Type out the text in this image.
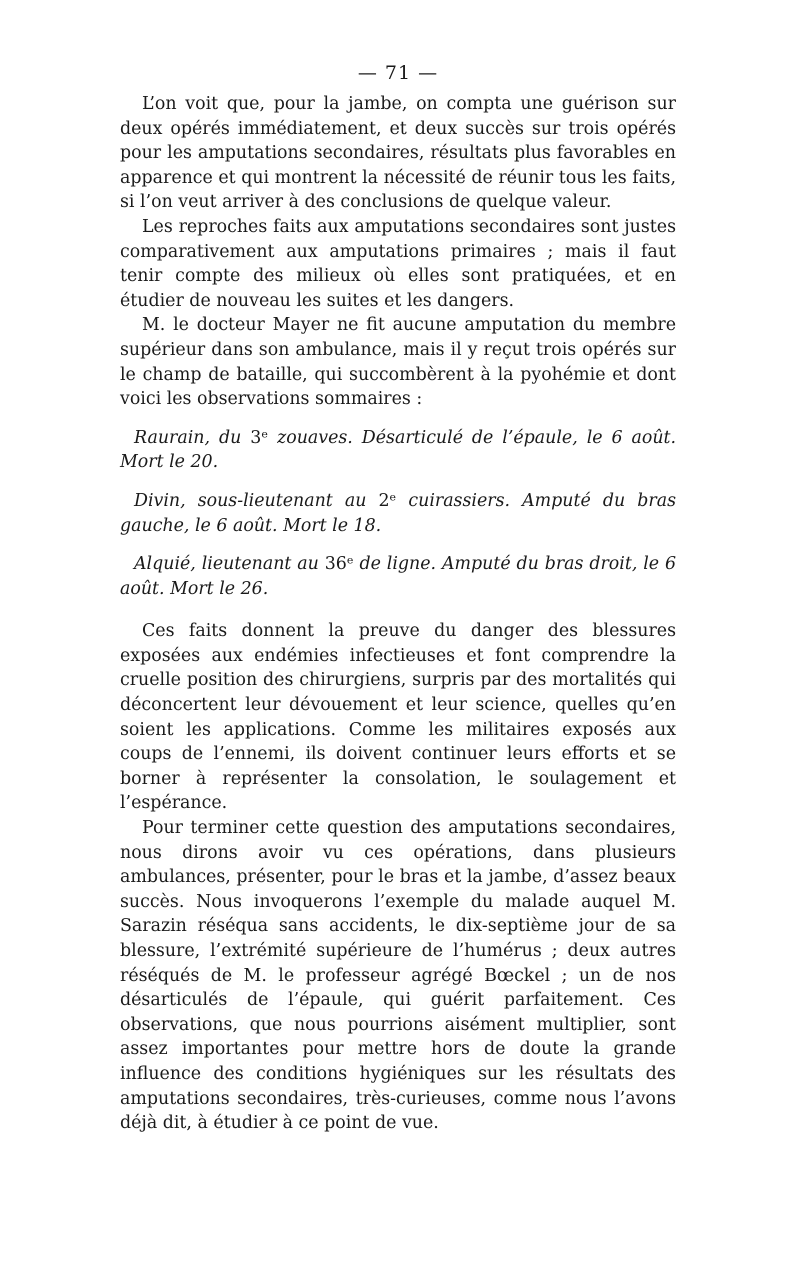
— 71 —

L’on voit que, pour la jambe, on compta une guérison sur deux opérés immédiatement, et deux succès sur trois opérés pour les amputations secondaires, résultats plus favorables en apparence et qui montrent la nécessité de réunir tous les faits, si l’on veut arriver à des conclusions de quelque valeur.

Les reproches faits aux amputations secondaires sont justes comparativement aux amputations primaires ; mais il faut tenir compte des milieux où elles sont pratiquées, et en étudier de nouveau les suites et les dangers.

M. le docteur Mayer ne fit aucune amputation du membre supérieur dans son ambulance, mais il y reçut trois opérés sur le champ de bataille, qui succombèrent à la pyohémie et dont voici les observations sommaires :

Raurain, du 3ᵉ zouaves. Désarticulé de l’épaule, le 6 août. Mort le 20.

Divin, sous-lieutenant au 2ᵉ cuirassiers. Amputé du bras gauche, le 6 août. Mort le 18.

Alquié, lieutenant au 36ᵉ de ligne. Amputé du bras droit, le 6 août. Mort le 26.

Ces faits donnent la preuve du danger des blessures exposées aux endémies infectieuses et font comprendre la cruelle position des chirurgiens, surpris par des mortalités qui déconcertent leur dévouement et leur science, quelles qu’en soient les applications. Comme les militaires exposés aux coups de l’ennemi, ils doivent continuer leurs efforts et se borner à représenter la consolation, le soulagement et l’espérance.

Pour terminer cette question des amputations secondaires, nous dirons avoir vu ces opérations, dans plusieurs ambulances, présenter, pour le bras et la jambe, d’assez beaux succès. Nous invoquerons l’exemple du malade auquel M. Sarazin réséqua sans accidents, le dix-septième jour de sa blessure, l’extrémité supérieure de l’humérus ; deux autres réséqués de M. le professeur agrégé Bœckel ; un de nos désarticulés de l’épaule, qui guérit parfaitement. Ces observations, que nous pourrions aisément multiplier, sont assez importantes pour mettre hors de doute la grande influence des conditions hygiéniques sur les résultats des amputations secondaires, très-curieuses, comme nous l’avons déjà dit, à étudier à ce point de vue.
